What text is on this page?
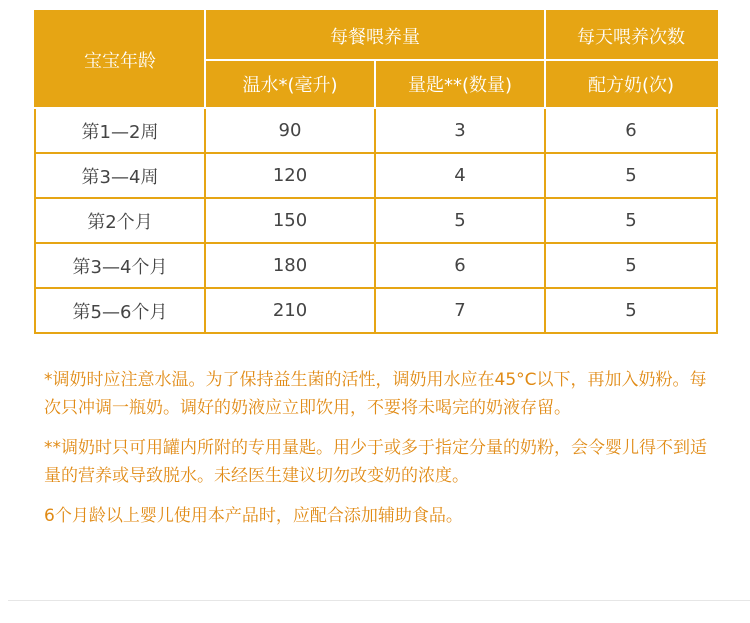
宝宝年龄	每餐喂养量		每天喂养次数
	温水*(毫升)	量匙**(数量)	配方奶(次)
第1—2周	90	3	6
第3—4周	120	4	5
第2个月	150	5	5
第3—4个月	180	6	5
第5—6个月	210	7	5

*调奶时应注意水温。为了保持益生菌的活性，调奶用水应在45°C以下，再加入奶粉。每次只冲调一瓶奶。调好的奶液应立即饮用，不要将未喝完的奶液存留。

**调奶时只可用罐内所附的专用量匙。用少于或多于指定分量的奶粉，会令婴儿得不到适量的营养或导致脱水。未经医生建议切勿改变奶的浓度。

6个月龄以上婴儿使用本产品时，应配合添加辅助食品。
